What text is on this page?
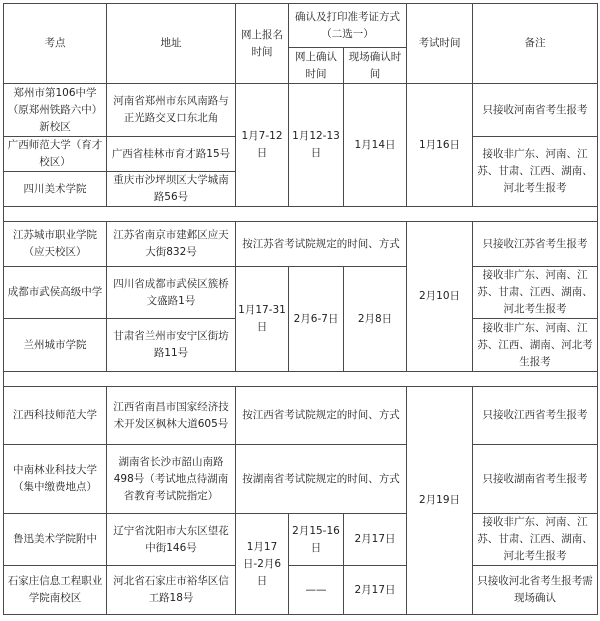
考点	地址	网上报名时间	确认及打印准考证方式（二选一）		考试时间	备注
			网上确认时间	现场确认时间		
郑州市第106中学（原郑州铁路六中）新校区	河南省郑州市东风南路与正光路交叉口东北角	1月7-12日	1月12-13日	1月14日	1月16日	只接收河南省考生报考
广西师范大学（育才校区）	广西省桂林市育才路15号					接收非广东、河南、江苏、甘肃、江西、湖南、河北考生报考
四川美术学院	重庆市沙坪坝区大学城南路56号					

江苏城市职业学院（应天校区）	江苏省南京市建邺区应天大街832号	按江苏省考试院规定的时间、方式			2月10日	只接收江苏省考生报考
成都市武侯高级中学	四川省成都市武侯区簇桥文盛路1号	1月17-31日	2月6-7日	2月8日		接收非广东、河南、江苏、甘肃、江西、湖南、河北考生报考
兰州城市学院	甘肃省兰州市安宁区街坊路11号					接收非广东、河南、江苏、江西、湖南、河北考生报考

江西科技师范大学	江西省南昌市国家经济技术开发区枫林大道605号	按江西省考试院规定的时间、方式			2月19日	只接收江西省考生报考
中南林业科技大学（集中缴费地点）	湖南省长沙市韶山南路498号（考试地点待湖南省教育考试院指定）	按湖南省考试院规定的时间、方式				只接收湖南省考生报考
鲁迅美术学院附中	辽宁省沈阳市大东区望花中街146号	1月17日-2月6日	2月15-16日	2月17日		接收非广东、河南、江苏、甘肃、江西、湖南、河北考生报考
石家庄信息工程职业学院南校区	河北省石家庄市裕华区信工路18号		——	2月17日		只接收河北省考生报考需现场确认
